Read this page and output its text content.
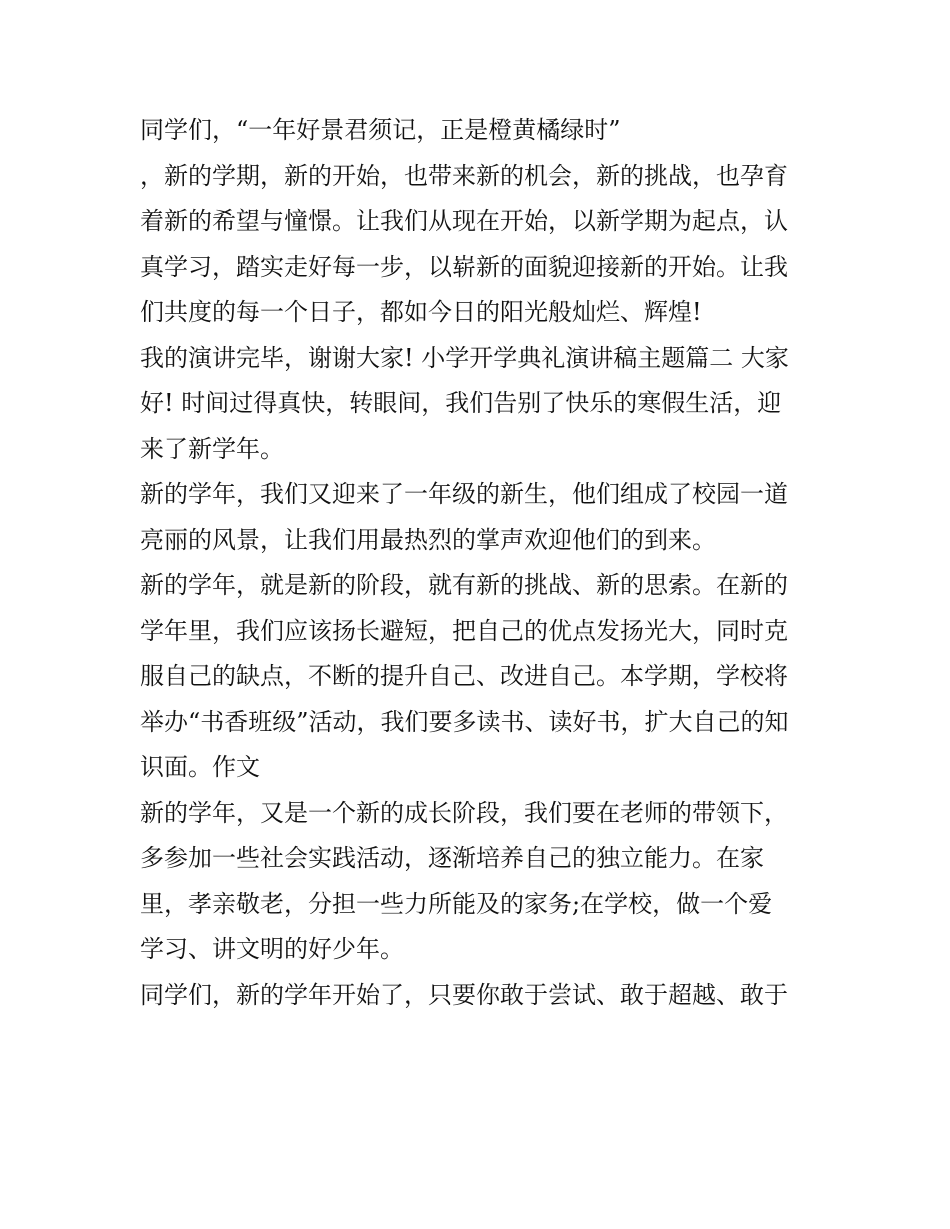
同学们，“一年好景君须记，正是橙黄橘绿时”
，新的学期，新的开始，也带来新的机会，新的挑战，也孕育
着新的希望与憧憬。让我们从现在开始，以新学期为起点，认
真学习，踏实走好每一步，以崭新的面貌迎接新的开始。让我
们共度的每一个日子，都如今日的阳光般灿烂、辉煌!
我的演讲完毕，谢谢大家! 小学开学典礼演讲稿主题篇二 大家
好! 时间过得真快，转眼间，我们告别了快乐的寒假生活，迎
来了新学年。
新的学年，我们又迎来了一年级的新生，他们组成了校园一道
亮丽的风景，让我们用最热烈的掌声欢迎他们的到来。
新的学年，就是新的阶段，就有新的挑战、新的思索。在新的
学年里，我们应该扬长避短，把自己的优点发扬光大，同时克
服自己的缺点，不断的提升自己、改进自己。本学期，学校将
举办“书香班级”活动，我们要多读书、读好书，扩大自己的知
识面。作文
新的学年，又是一个新的成长阶段，我们要在老师的带领下，
多参加一些社会实践活动，逐渐培养自己的独立能力。在家
里，孝亲敬老，分担一些力所能及的家务;在学校，做一个爱
学习、讲文明的好少年。
同学们，新的学年开始了，只要你敢于尝试、敢于超越、敢于
